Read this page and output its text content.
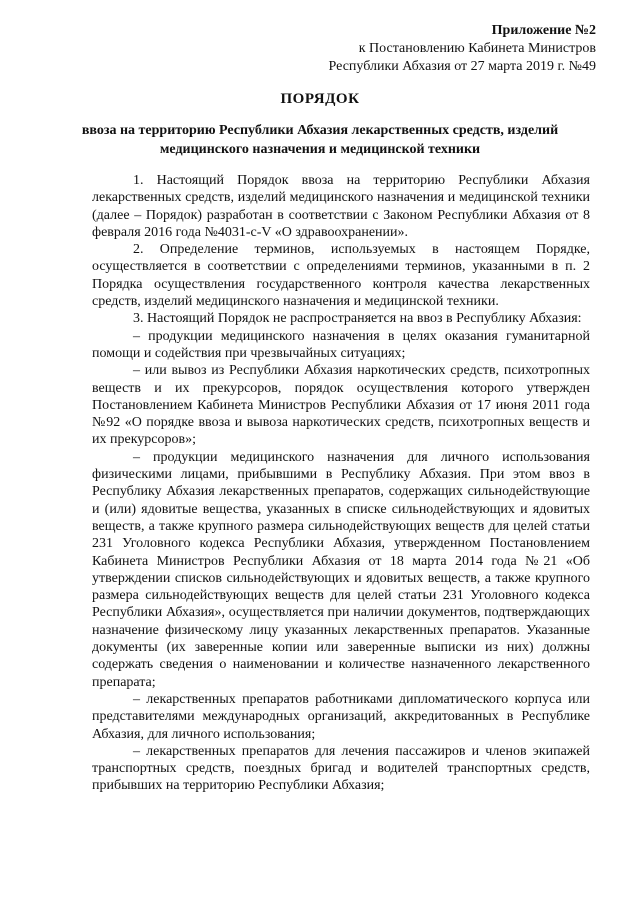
Приложение №2
к Постановлению Кабинета Министров
Республики Абхазия от 27 марта 2019 г. №49
ПОРЯДОК
ввоза на территорию Республики Абхазия лекарственных средств, изделий медицинского назначения и медицинской техники

1. Настоящий Порядок ввоза на территорию Республики Абхазия лекарственных средств, изделий медицинского назначения и медицинской техники (далее – Порядок) разработан в соответствии с Законом Республики Абхазия от 8 февраля 2016 года №4031-с-V «О здравоохранении».

2. Определение терминов, используемых в настоящем Порядке, осуществляется в соответствии с определениями терминов, указанными в п. 2 Порядка осуществления государственного контроля качества лекарственных средств, изделий медицинского назначения и медицинской техники.

3. Настоящий Порядок не распространяется на ввоз в Республику Абхазия:

– продукции медицинского назначения в целях оказания гуманитарной помощи и содействия при чрезвычайных ситуациях;

– или вывоз из Республики Абхазия наркотических средств, психотропных веществ и их прекурсоров, порядок осуществления которого утвержден Постановлением Кабинета Министров Республики Абхазия от 17 июня 2011 года №92 «О порядке ввоза и вывоза наркотических средств, психотропных веществ и их прекурсоров»;

– продукции медицинского назначения для личного использования физическими лицами, прибывшими в Республику Абхазия. При этом ввоз в Республику Абхазия лекарственных препаратов, содержащих сильнодействующие и (или) ядовитые вещества, указанных в списке сильнодействующих и ядовитых веществ, а также крупного размера сильнодействующих веществ для целей статьи 231 Уголовного кодекса Республики Абхазия, утвержденном Постановлением Кабинета Министров Республики Абхазия от 18 марта 2014 года №21 «Об утверждении списков сильнодействующих и ядовитых веществ, а также крупного размера сильнодействующих веществ для целей статьи 231 Уголовного кодекса Республики Абхазия», осуществляется при наличии документов, подтверждающих назначение физическому лицу указанных лекарственных препаратов. Указанные документы (их заверенные копии или заверенные выписки из них) должны содержать сведения о наименовании и количестве назначенного лекарственного препарата;

– лекарственных препаратов работниками дипломатического корпуса или представителями международных организаций, аккредитованных в Республике Абхазия, для личного использования;

– лекарственных препаратов для лечения пассажиров и членов экипажей транспортных средств, поездных бригад и водителей транспортных средств, прибывших на территорию Республики Абхазия;
